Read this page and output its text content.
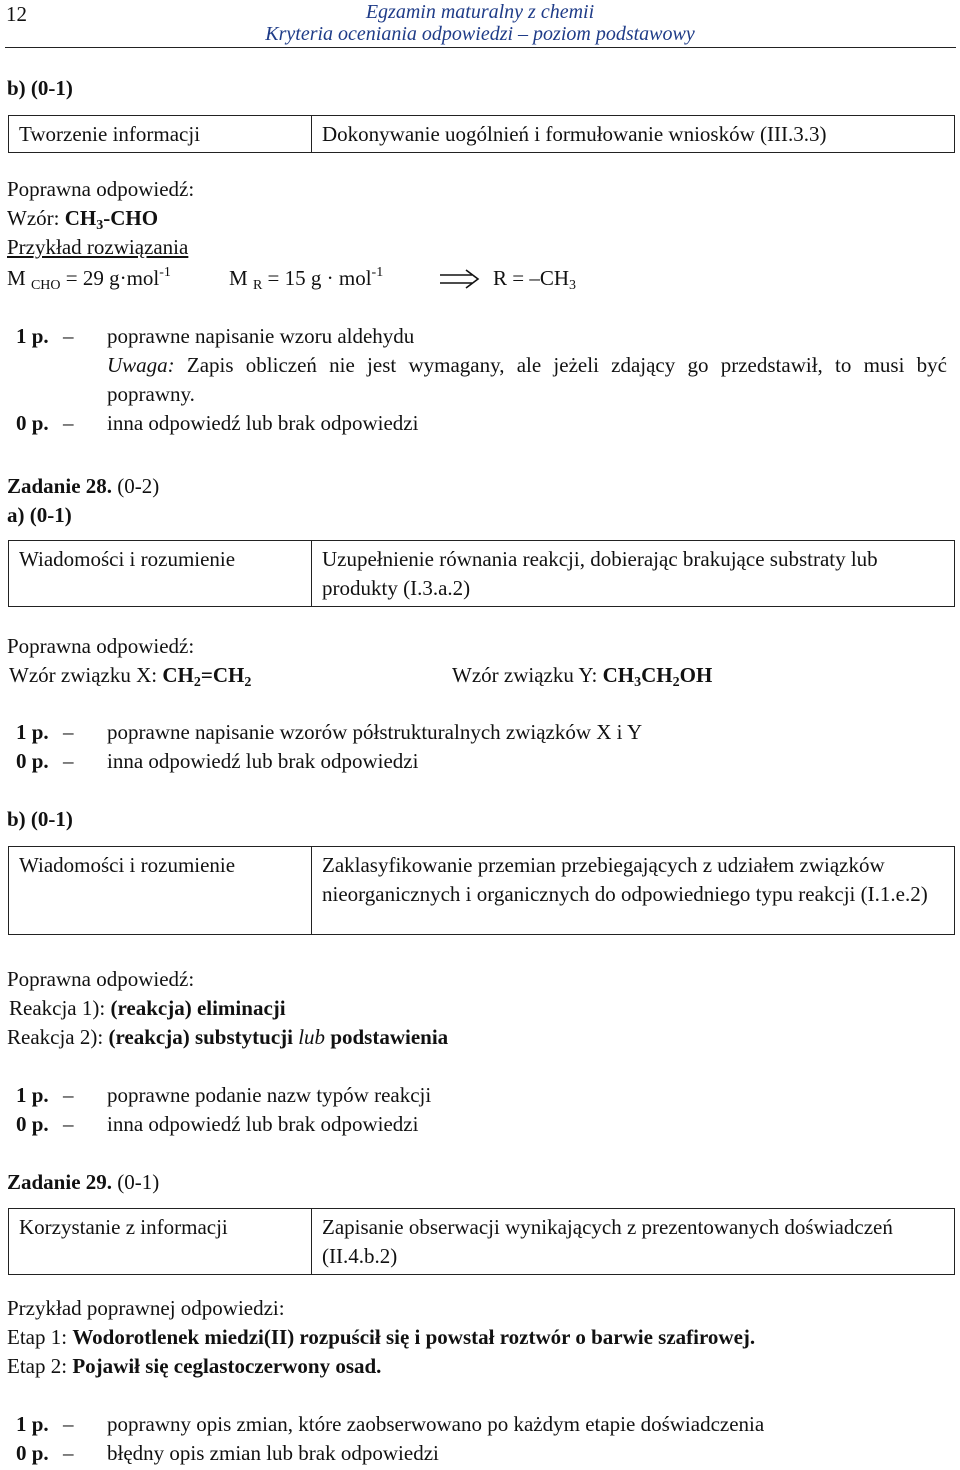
12	Egzamin maturalny z chemii
Kryteria oceniania odpowiedzi – poziom podstawowy
b) (0-1)
Tworzenie informacji	Dokonywanie uogólnień i formułowanie wniosków (III.3.3)
Poprawna odpowiedź:
Wzór: $CH_3$-CHO
Przykład rozwiązania
M $_{CHO}$ = 29 g·mol$^{-1}$	M $_R$ = 15 g · mol$^{-1}$	$R = -CH_3$
1 p. – poprawne napisanie wzoru aldehydu
Uwaga: Zapis obliczeń nie jest wymagany, ale jeżeli zdający go przedstawił, to musi być poprawny.
0 p. – inna odpowiedź lub brak odpowiedzi
Zadanie 28. (0-2)
a) (0-1)
Wiadomości i rozumienie	Uzupełnienie równania reakcji, dobierając brakujące substraty lub produkty (I.3.a.2)
Poprawna odpowiedź:
Wzór związku X: $CH_2=CH_2$	Wzór związku Y: $CH_3CH_2OH$
1 p. – poprawne napisanie wzorów półstrukturalnych związków X i Y
0 p. – inna odpowiedź lub brak odpowiedzi
b) (0-1)
Wiadomości i rozumienie	Zaklasyfikowanie przemian przebiegających z udziałem związków nieorganicznych i organicznych do odpowiedniego typu reakcji (I.1.e.2)
Poprawna odpowiedź:
Reakcja 1): (reakcja) eliminacji
Reakcja 2): (reakcja) substytucji lub podstawienia
1 p. – poprawne podanie nazw typów reakcji
0 p. – inna odpowiedź lub brak odpowiedzi
Zadanie 29. (0-1)
Korzystanie z informacji	Zapisanie obserwacji wynikających z prezentowanych doświadczeń (II.4.b.2)
Przykład poprawnej odpowiedzi:
Etap 1: Wodorotlenek miedzi(II) rozpuścił się i powstał roztwór o barwie szafirowej.
Etap 2: Pojawił się ceglastoczerwony osad.
1 p. – poprawny opis zmian, które zaobserwowano po każdym etapie doświadczenia
0 p. – błędny opis zmian lub brak odpowiedzi
